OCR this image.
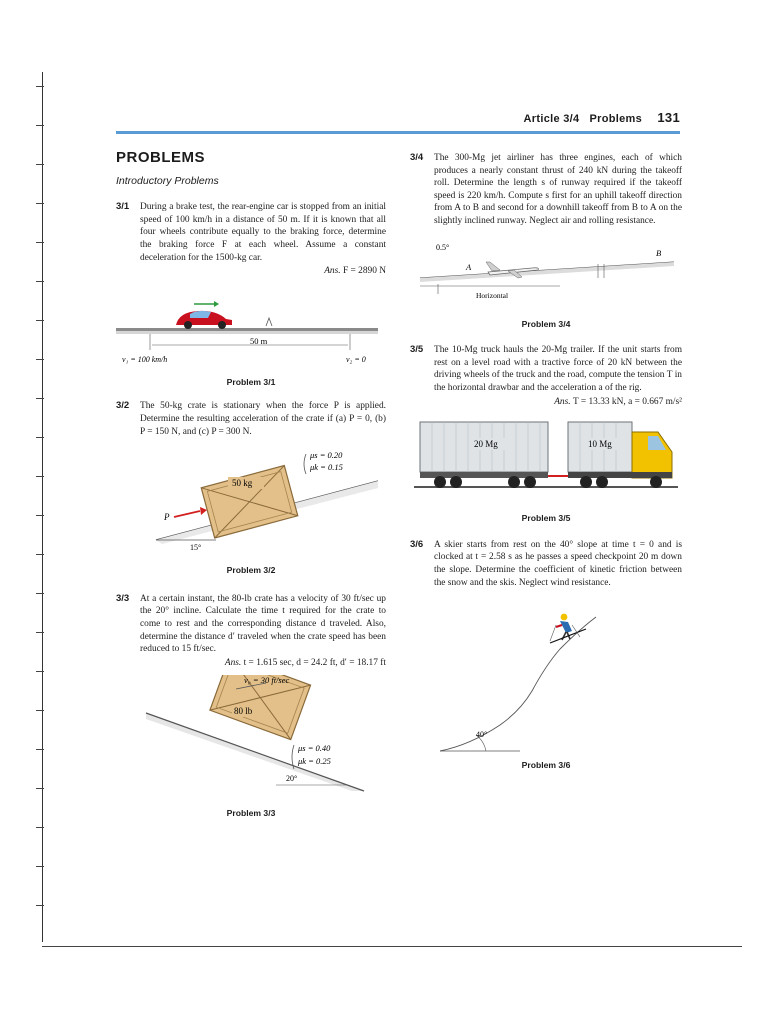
Article 3/4 Problems 131
PROBLEMS
Introductory Problems
3/1 During a brake test, the rear-engine car is stopped from an initial speed of 100 km/h in a distance of 50 m. If it is known that all four wheels contribute equally to the braking force, determine the braking force F at each wheel. Assume a constant deceleration for the 1500-kg car.
Ans. F = 2890 N
50 m
v₁ = 100 km/h	v₂ = 0
Problem 3/1
3/2 The 50-kg crate is stationary when the force P is applied. Determine the resulting acceleration of the crate if (a) P = 0, (b) P = 150 N, and (c) P = 300 N.
50 kg
P
μs = 0.20
μk = 0.15
15°
Problem 3/2
3/3 At a certain instant, the 80-lb crate has a velocity of 30 ft/sec up the 20° incline. Calculate the time t required for the crate to come to rest and the corresponding distance d traveled. Also, determine the distance d′ traveled when the crate speed has been reduced to 15 ft/sec.
Ans. t = 1.615 sec, d = 24.2 ft, d′ = 18.17 ft
80 lb
v₀ = 30 ft/sec
μs = 0.40
μk = 0.25
20°
Problem 3/3
3/4 The 300-Mg jet airliner has three engines, each of which produces a nearly constant thrust of 240 kN during the takeoff roll. Determine the length s of runway required if the takeoff speed is 220 km/h. Compute s first for an uphill takeoff direction from A to B and second for a downhill takeoff from B to A on the slightly inclined runway. Neglect air and rolling resistance.
0.5°
A
B
Horizontal
Problem 3/4
3/5 The 10-Mg truck hauls the 20-Mg trailer. If the unit starts from rest on a level road with a tractive force of 20 kN between the driving wheels of the truck and the road, compute the tension T in the horizontal drawbar and the acceleration a of the rig.
Ans. T = 13.33 kN, a = 0.667 m/s²
20 Mg	10 Mg
Problem 3/5
3/6 A skier starts from rest on the 40° slope at time t = 0 and is clocked at t = 2.58 s as he passes a speed checkpoint 20 m down the slope. Determine the coefficient of kinetic friction between the snow and the skis. Neglect wind resistance.
40°
Problem 3/6
